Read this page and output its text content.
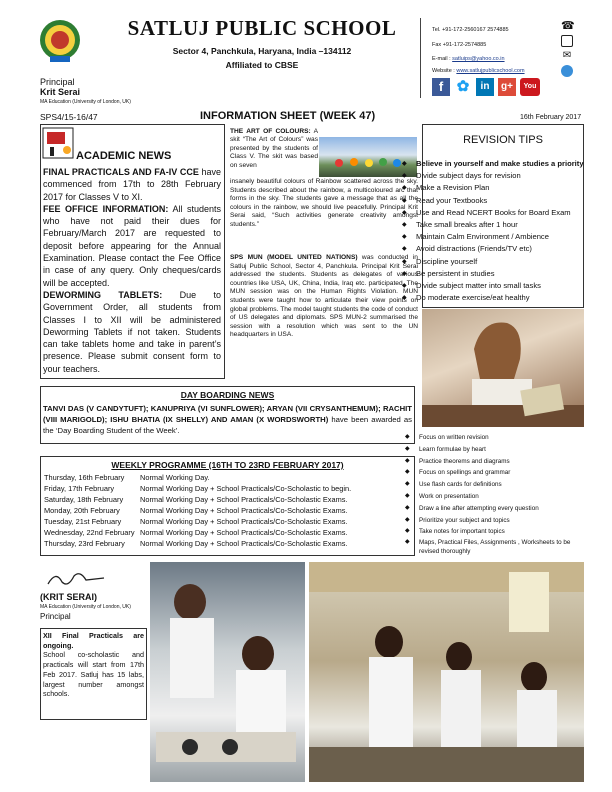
SATLUJ PUBLIC SCHOOL
Sector 4, Panchkula, Haryana, India –134112
Affiliated to CBSE
Tel. +91-172-2560167 2574885
Fax +91-172-2574885
E-mail : satluips@yahoo.co.in
Website : www.satlujpublicschool.com
☎
✉
f ✿	in	g+	You
Principal
Krit Serai
MA Education (University of London, UK)
SPS4/15-16/47	INFORMATION SHEET (WEEK 47)	16th February 2017
ACADEMIC NEWS

FINAL PRACTICALS AND FA-IV CCE have commenced from 17th to 28th February 2017 for Classes V to XI.

FEE OFFICE INFORMATION: All students who have not paid their dues for February/March 2017 are requested to deposit before appearing for the Annual Examination. Please contact the Fee Office in case of any query. Only cheques/cards will be accepted.

DEWORMING TABLETS: Due to Government Order, all students from Classes I to XII will be administered Deworming Tablets if not taken. Students can take tablets home and take in parent’s presence. Please submit consent form to your teachers.

THE ART OF COLOURS: A skit “The Art of Colours” was presented by the students of Class V. The skit was based on seven
insanely beautiful colours of Rainbow scattered across the sky. Students described about the rainbow, a multicoloured arc that forms in the sky. The students gave a message that as all the colours in the rainbow, we should live peacefully. Principal Krit Serai said, “Such activities generate creativity amongst students.”
SPS MUN (MODEL UNITED NATIONS) was conducted in Satluj Public School, Sector 4, Panchkula. Principal Krit Serai addressed the students. Students as delegates of various countries like USA, UK, China, India, Iraq etc. participated. The MUN session was on the Human Rights Violation. MUN students were taught how to articulate their view points on global problems. The model taught students the code of conduct of US delegates and diplomats. SPS MUN-2 summarised the session with a resolution which was sent to the UN headquarters in USA.
REVISION TIPS
◆ Believe in yourself and make studies a priority
◆ Divide subject days for revision
◆ Make a Revision Plan
◆ Read your Textbooks
◆ Use and Read NCERT Books for Board Exam
◆ Take small breaks after 1 hour
◆ Maintain Calm Environment / Ambience
◆ Avoid distractions (Friends/TV etc)
◆ Discipline yourself
◆ Be persistent in studies
◆ Divide subject matter into small tasks
◆ Do moderate exercise/eat healthy
◆ Focus on written revision
◆ Learn formulae by heart
◆ Practice theorems and diagrams
◆ Focus on spellings and grammar
◆ Use flash cards for definitions
◆ Work on presentation
◆ Draw a line after attempting every question
◆ Prioritize your subject and topics
◆ Take notes for important topics
◆ Maps, Practical Files, Assignments , Worksheets to be revised thoroughly
DAY BOARDING NEWS
TANVI DAS (V CANDYTUFT); KANUPRIYA (VI SUNFLOWER); ARYAN (VII CRYSANTHEMUM); RACHIT (VIII MARIGOLD); ISHU BHATIA (IX SHELLY) AND AMAN (X WORDSWORTH) have been awarded as the ‘Day Boarding Student of the Week’.
WEEKLY PROGRAMME (16TH TO 23RD FEBRUARY 2017)
Thursday, 16th February	Normal Working Day.
Friday, 17th February	Normal Working Day + School Practicals/Co-Scholastic to begin.
Saturday, 18th February	Normal Working Day + School Practicals/Co-Scholastic Exams.
Monday, 20th February	Normal Working Day + School Practicals/Co-Scholastic Exams.
Tuesday, 21st February	Normal Working Day + School Practicals/Co-Scholastic Exams.
Wednesday, 22nd February	Normal Working Day + School Practicals/Co-Scholastic Exams.
Thursday, 23rd February	Normal Working Day + School Practicals/Co-Scholastic Exams.
(KRIT SERAI)
MA Education (University of London, UK)
Principal

XII Final Practicals are ongoing.

School co-scholastic and practicals will start from 17th Feb 2017. Satluj has 15 labs, largest number amongst schools.
